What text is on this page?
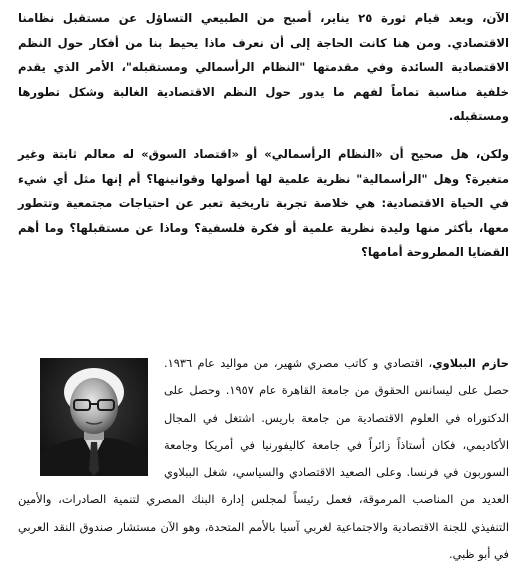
الآن، وبعد قيام ثورة ٢٥ يناير، أصبح من الطبيعي التساؤل عن مستقبل نظامنا الاقتصادي. ومن هنا كانت الحاجة إلى أن نعرف ماذا يحيط بنا من أفكار حول النظم الاقتصادية السائدة وفي مقدمتها "النظام الرأسمالي ومستقبله"، الأمر الذي يقدم خلفية مناسبة تماماً لفهم ما يدور حول النظم الاقتصادية الغالبة وشكل تطورها ومستقبله.

ولكن، هل صحيح أن «النظام الرأسمالي» أو «اقتصاد السوق» له معالم ثابتة وغير متغيرة؟ وهل "الرأسمالية" نظرية علمية لها أصولها وقوانينها؟ أم إنها مثل أي شيء في الحياة الاقتصادية: هي خلاصة تجربة تاريخية تعبر عن احتياجات مجتمعية وتتطور معها، بأكثر منها وليدة نظرية علمية أو فكرة فلسفية؟ وماذا عن مستقبلها؟ وما أهم القضايا المطروحة أمامها؟

حازم الببلاوي، اقتصادي و كاتب مصري شهير، من مواليد عام ١٩٣٦. حصل على ليسانس الحقوق من جامعة القاهرة عام ١٩٥٧. وحصل على الدكتوراه في العلوم الاقتصادية من جامعة باريس. اشتغل في المجال الأكاديمي، فكان أستاذاً زائراً في جامعة كاليفورنيا في أمريكا وجامعة السوربون في فرنسا. وعلى الصعيد الاقتصادي والسياسي، شغل الببلاوي العديد من المناصب المرموقة، فعمل رئيساً لمجلس إدارة البنك المصري لتنمية الصادرات، والأمين التنفيذي للجنة الاقتصادية والاجتماعية لغربي آسيا بالأمم المتحدة، وهو الآن مستشار صندوق النقد العربي في أبو ظبي.
